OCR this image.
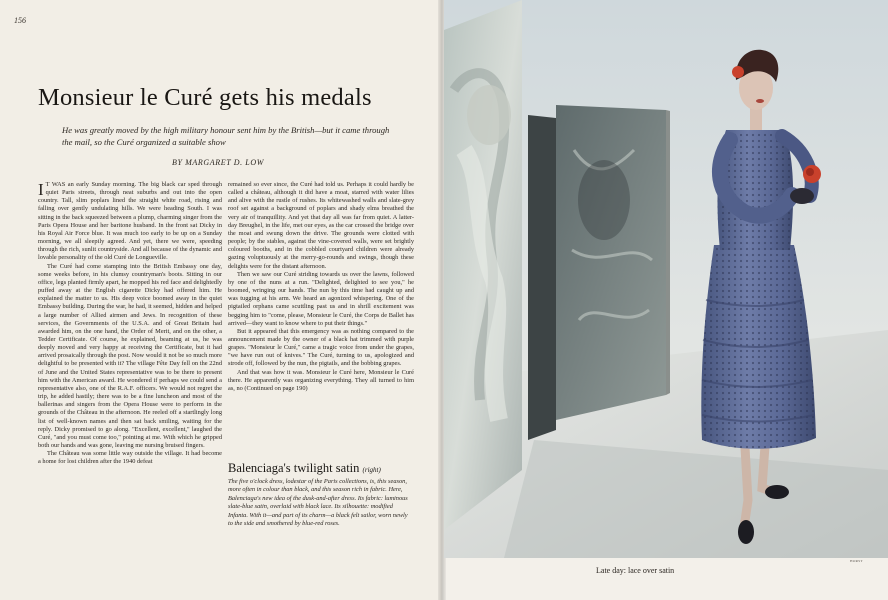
156
Monsieur le Curé gets his medals
He was greatly moved by the high military honour sent him by the British—but it came through the mail, so the Curé organized a suitable show
BY MARGARET D. LOW

I T WAS an early Sunday morning. The big black car sped through quiet Paris streets, through neat suburbs and out into the open country. Tall, slim poplars lined the straight white road, rising and falling over gently undulating hills. We were heading South. I was sitting in the back squeezed between a plump, charming singer from the Paris Opera House and her baritone husband. In the front sat Dicky in his Royal Air Force blue. It was much too early to be up on a Sunday morning, we all sleepily agreed. And yet, there we were, speeding through the rich, sunlit countryside. And all because of the dynamic and lovable personality of the old Curé de Longueville.

The Curé had come stamping into the British Embassy one day, some weeks before, in his clumsy countryman's boots. Sitting in our office, legs planted firmly apart, he mopped his red face and delightedly puffed away at the English cigarette Dicky had offered him. He explained the matter to us. His deep voice boomed away in the quiet Embassy building. During the war, he had, it seemed, hidden and helped a large number of Allied airmen and Jews. In recognition of these services, the Governments of the U.S.A. and of Great Britain had awarded him, on the one hand, the Order of Merit, and on the other, a Tedder Certificate. Of course, he explained, beaming at us, he was deeply moved and very happy at receiving the Certificate, but it had arrived prosaically through the post. Now would it not be so much more delightful to be presented with it? The village Fête Day fell on the 22nd of June and the United States representative was to be there to present him with the American award. He wondered if perhaps we could send a representative also, one of the R.A.F. officers. We would not regret the trip, he added hastily; there was to be a fine luncheon and most of the ballerinas and singers from the Opera House were to perform in the grounds of the Château in the afternoon. He reeled off a startlingly long list of well-known names and then sat back smiling, waiting for the reply. Dicky promised to go along. "Excellent, excellent," laughed the Curé, "and you must come too," pointing at me. With which he gripped both our hands and was gone, leaving me nursing bruised fingers.

The Château was some little way outside the village. It had become a home for lost children after the 1940 defeat

remained so ever since, the Curé had told us. Perhaps it could hardly be called a château, although it did have a moat, starred with water lilies and alive with the rustle of rushes. Its whitewashed walls and slate-grey roof set against a background of poplars and shady elms breathed the very air of tranquillity. And yet that day all was far from quiet. A latter-day Breughel, in the life, met our eyes, as the car crossed the bridge over the moat and swung down the drive. The grounds were clotted with people; by the stables, against the vine-covered walls, were set brightly coloured booths, and in the cobbled courtyard children were already gazing voluptuously at the merry-go-rounds and swings, though these delights were for the distant afternoon.

Then we saw our Curé striding towards us over the lawns, followed by one of the nuns at a run. "Delighted, delighted to see you," he boomed, wringing our hands. The nun by this time had caught up and was tugging at his arm. We heard an agonized whispering. One of the pigtailed orphans came scuttling past us and in shrill excitement was begging him to "come, please, Monsieur le Curé, the Corps de Ballet has arrived—they want to know where to put their things."

But it appeared that this emergency was as nothing compared to the announcement made by the owner of a black hat trimmed with purple grapes. "Monsieur le Curé," came a tragic voice from under the grapes, "we have run out of knives." The Curé, turning to us, apologized and strode off, followed by the nun, the pigtails, and the bobbing grapes.

And that was how it was. Monsieur le Curé here, Monsieur le Curé there. He apparently was organizing everything. They all turned to him as, no (Continued on page 190)

Balenciaga's twilight satin (right)
The five o'clock dress, lodestar of the Paris collections, is, this season, more often in colour than black, and this season rich in fabric. Here, Balenciaga's new idea of the dusk-and-after dress. Its fabric: luminous slate-blue satin, overlaid with black lace. Its silhouette: modified Infanta. With it—and part of its charm—a black felt sailor, worn newly to the side and smothered by blue-red roses.
HORST
Late day: lace over satin
